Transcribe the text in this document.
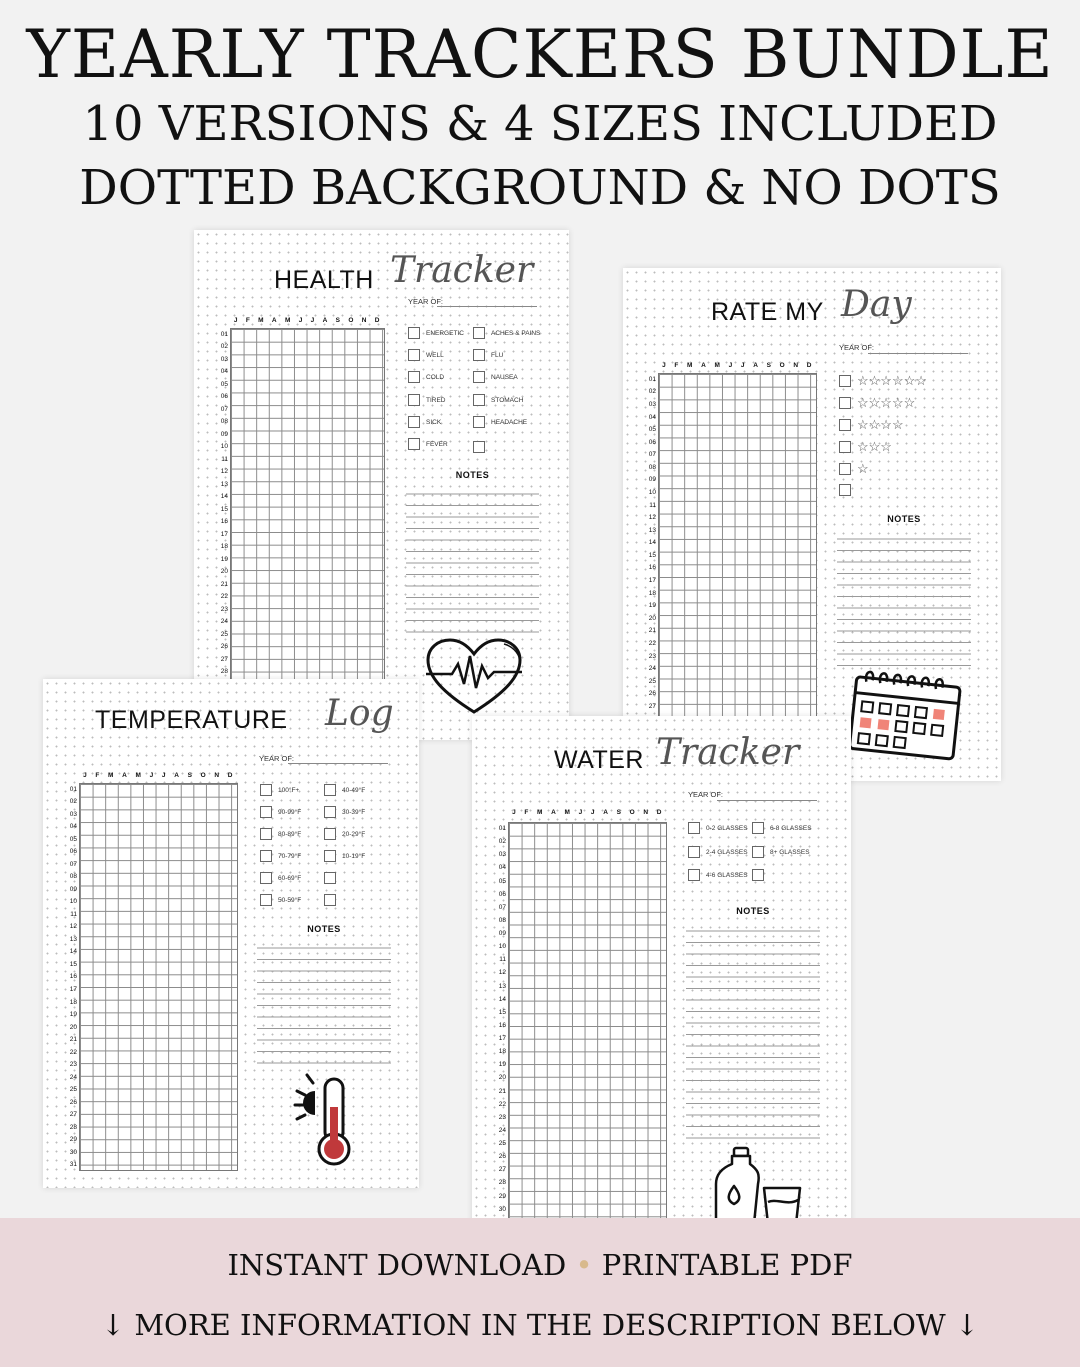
YEARLY TRACKERS BUNDLE
10 VERSIONS & 4 SIZES INCLUDED
DOTTED BACKGROUND & NO DOTS
HEALTH Tracker
YEAR OF:
J F M A M J J A S O N D
01
02
03
04
05
06
07
08
09
10
11
12
13
14
15
16
17
18
19
20
21
22
23
24
25
26
27
28
ENERGETIC
WELL
COLD
TIRED
SICK
FEVER
ACHES & PAINS
FLU
NAUSEA
STOMACH
HEADACHE
NOTES
RATE MY Day
YEAR OF:
J F M A M J J A S O N D
01
02
03
04
05
06
07
08
09
10
11
12
13
14
15
16
17
18
19
20
21
22
23
24
25
26
27
☆☆☆☆☆☆
☆☆☆☆☆
☆☆☆☆
☆☆☆
☆
NOTES
TEMPERATURE Log
YEAR OF:
J F M A M J J A S O N D
01
02
03
04
05
06
07
08
09
10
11
12
13
14
15
16
17
18
19
20
21
22
23
24
25
26
27
28
29
30
31
100°F+
90-99°F
80-89°F
70-79°F
60-69°F
50-59°F
40-49°F
30-39°F
20-29°F
10-19°F
NOTES
WATER Tracker
YEAR OF:
J F M A M J J A S O N D
01
02
03
04
05
06
07
08
09
10
11
12
13
14
15
16
17
18
19
20
21
22
23
24
25
26
27
28
29
30
0-2 GLASSES
2-4 GLASSES
4-6 GLASSES
6-8 GLASSES
8+ GLASSES
NOTES
INSTANT DOWNLOAD • PRINTABLE PDF
↓ MORE INFORMATION IN THE DESCRIPTION BELOW ↓
